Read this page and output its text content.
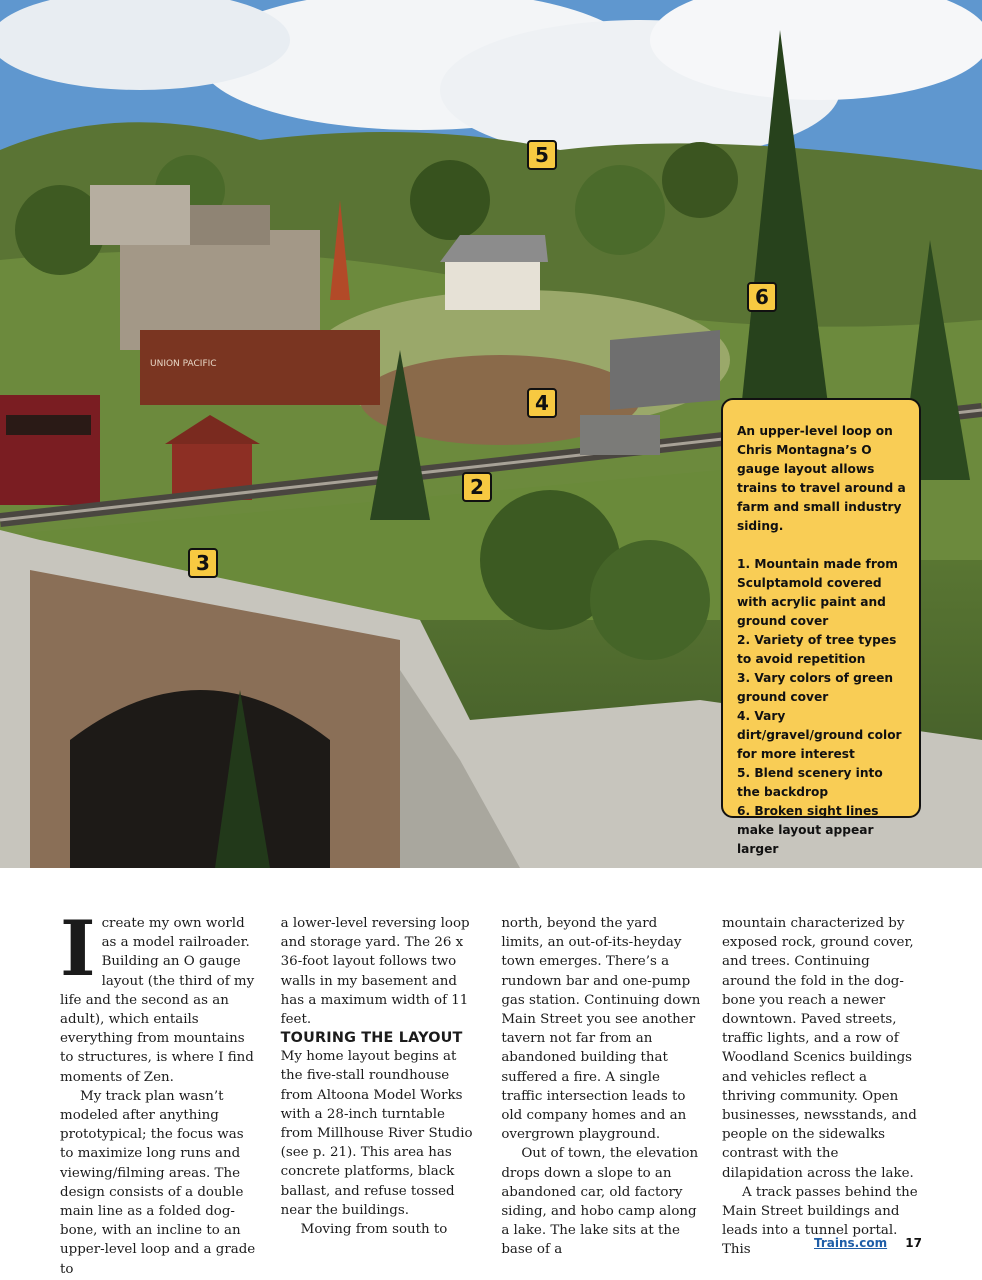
UNION PACIFIC
5
6
4
2
3

An upper-level loop on Chris Montagna’s O gauge layout allows trains to travel around a farm and small industry siding.

1. Mountain made from Sculptamold covered with acrylic paint and ground cover

2. Variety of tree types to avoid repetition

3. Vary colors of green ground cover

4. Vary dirt/gravel/ground color for more interest

5. Blend scenery into the backdrop

6. Broken sight lines make layout appear larger

Icreate my own world as a model railroader. Building an O gauge layout (the third of my life and the second as an adult), which entails everything from mountains to structures, is where I find moments of Zen.

My track plan wasn’t modeled after anything prototypical; the focus was to maximize long runs and viewing/filming areas. The design consists of a double main line as a folded dog-bone, with an incline to an upper-level loop and a grade to

a lower-level reversing loop and storage yard. The 26 x 36-foot layout follows two walls in my basement and has a maximum width of 11 feet.

TOURING THE LAYOUT

My home layout begins at the five-stall roundhouse from Altoona Model Works with a 28-inch turntable from Millhouse River Studio (see p. 21). This area has concrete platforms, black ballast, and refuse tossed near the buildings.

Moving from south to

north, beyond the yard limits, an out-of-its-heyday town emerges. There’s a rundown bar and one-pump gas station. Continuing down Main Street you see another tavern not far from an abandoned building that suffered a fire. A single traffic intersection leads to old company homes and an overgrown playground.

Out of town, the elevation drops down a slope to an abandoned car, old factory siding, and hobo camp along a lake. The lake sits at the base of a

mountain characterized by exposed rock, ground cover, and trees. Continuing around the fold in the dog-bone you reach a newer downtown. Paved streets, traffic lights, and a row of Woodland Scenics buildings and vehicles reflect a thriving community. Open businesses, newsstands, and people on the sidewalks contrast with the dilapidation across the lake.

A track passes behind the Main Street buildings and leads into a tunnel portal. This	Trains.com 17
